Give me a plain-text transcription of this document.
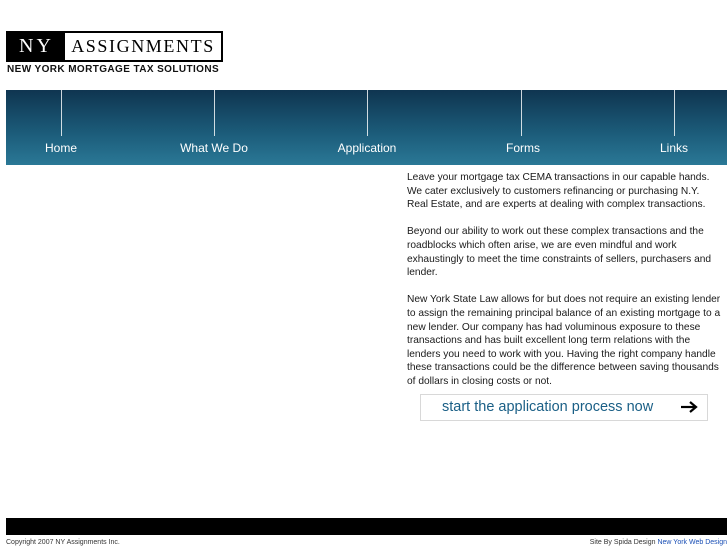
NY ASSIGNMENTS
NEW YORK MORTGAGE TAX SOLUTIONS
Home	What We Do	Application	Forms	Links

Leave your mortgage tax CEMA transactions in our capable hands. We cater exclusively to customers refinancing or purchasing N.Y. Real Estate, and are experts at dealing with complex transactions.

Beyond our ability to work out these complex transactions and the roadblocks which often arise, we are even mindful and work exhaustingly to meet the time constraints of sellers, purchasers and lender.

New York State Law allows for but does not require an existing lender to assign the remaining principal balance of an existing mortgage to a new lender. Our company has had voluminous exposure to these transactions and has built excellent long term relations with the lenders you need to work with you. Having the right company handle these transactions could be the difference between saving thousands of dollars in closing costs or not.

start the application process now
Copyright 2007 NY Assignments Inc.	Site By Spida Design New York Web Design
